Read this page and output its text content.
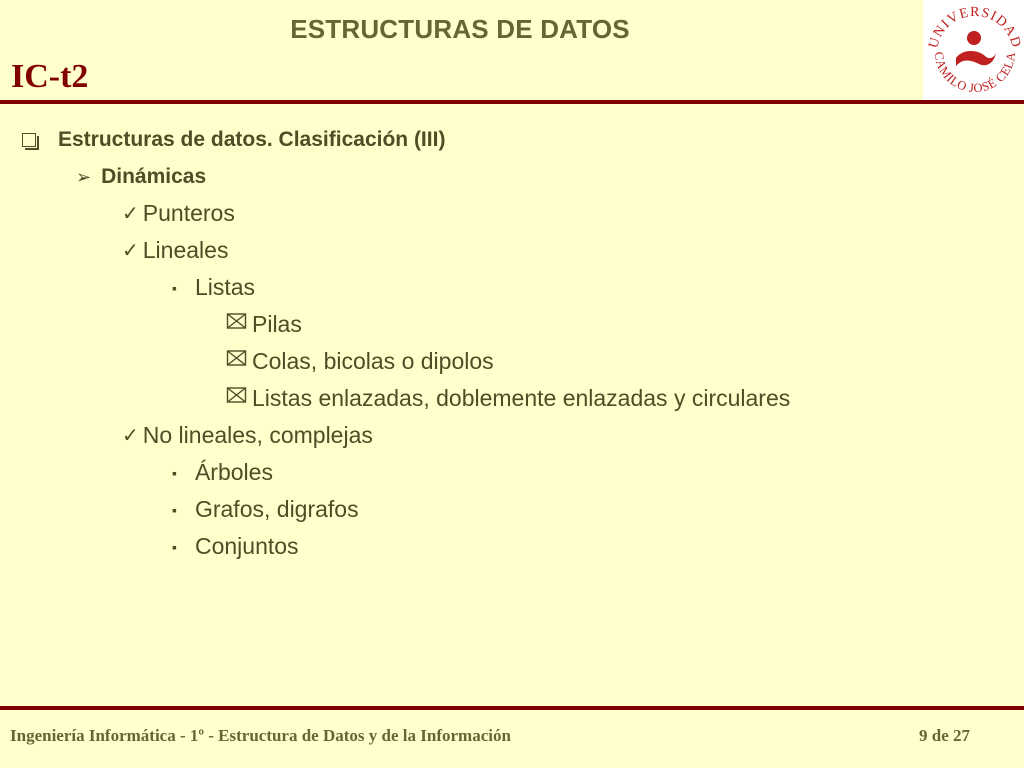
ESTRUCTURAS DE DATOS
IC-t2
UNIVERSIDAD
CAMILO JOSÉ CELA
Estructuras de datos. Clasificación (III)
➢ Dinámicas
✓ Punteros
✓ Lineales
▪ Listas
Pilas
Colas, bicolas o dipolos
Listas enlazadas, doblemente enlazadas y circulares
✓ No lineales, complejas
▪ Árboles
▪ Grafos, digrafos
▪ Conjuntos
Ingeniería Informática - 1º - Estructura de Datos y de la Información	9 de 27
